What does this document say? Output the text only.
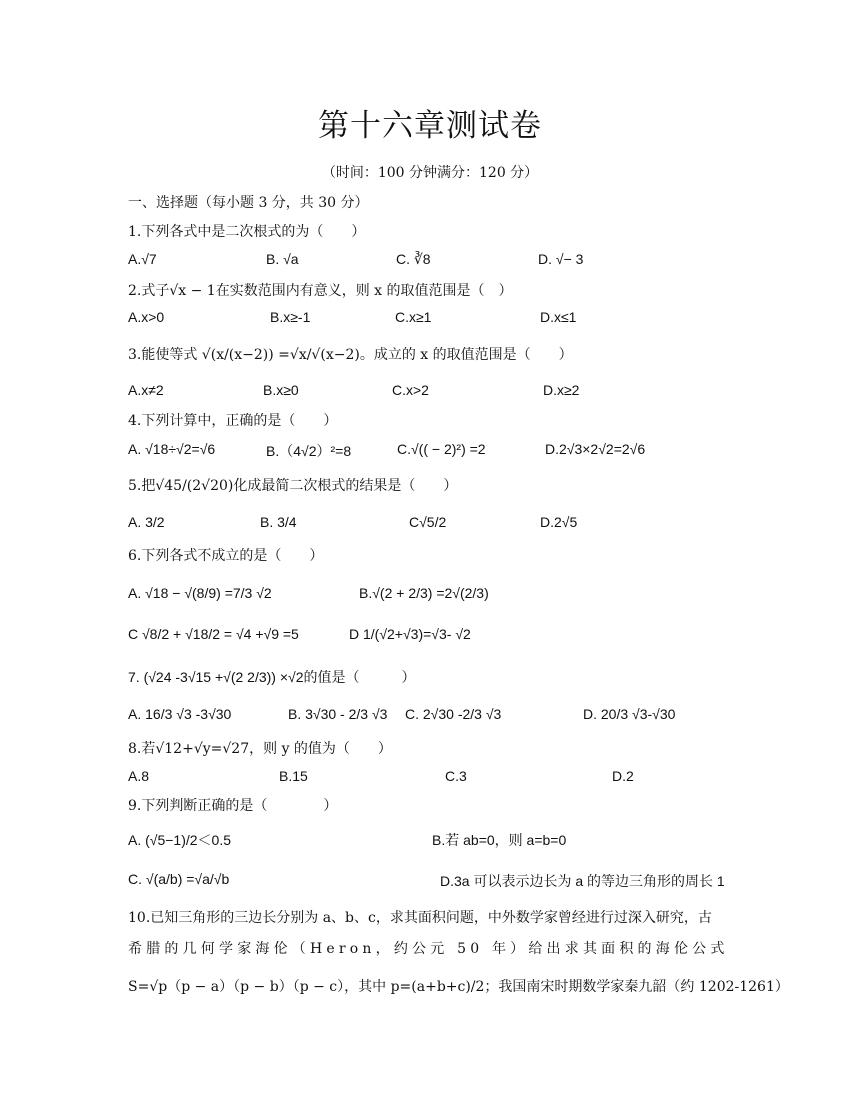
第十六章测试卷
（时间：100 分钟满分：120 分）
一、选择题（每小题 3 分，共 30 分）
1.下列各式中是二次根式的为（　　）
A.√7	B. √a	C. ∛8	D. √− 3
2.式子√x − 1在实数范围内有意义，则 x 的取值范围是（　）
A.x>0	B.x≥-1	C.x≥1	D.x≤1
3.能使等式 √(x/(x−2)) =√x/√(x−2)。成立的 x 的取值范围是（　　）
A.x≠2	B.x≥0	C.x>2	D.x≥2
4.下列计算中，正确的是（　　）
A. √18÷√2=√6	B.（4√2）²=8	C.√(( − 2)²) =2	D.2√3×2√2=2√6
5.把√45/(2√20)化成最简二次根式的结果是（　　）
A. 3/2	B. 3/4	C√5/2	D.2√5
6.下列各式不成立的是（　　）
A. √18 − √(8/9) =7/3 √2	B.√(2 + 2/3) =2√(2/3)
C √8/2 + √18/2 = √4 +√9 =5	D 1/(√2+√3)=√3- √2
7. (√24 -3√15 +√(2 2/3)) ×√2的值是（　　　）
A. 16/3 √3 -3√30	B. 3√30 - 2/3 √3 C. 2√30 -2/3 √3	D. 20/3 √3-√30
8.若√12+√y=√27，则 y 的值为（　　）
A.8	B.15	C.3	D.2
9.下列判断正确的是（　　　　）
A. (√5−1)/2＜0.5	B.若 ab=0，则 a=b=0
C. √(a/b) =√a/√b	D.3a 可以表示边长为 a 的等边三角形的周长 1
10.已知三角形的三边长分别为 a、b、c，求其面积问题，中外数学家曾经进行过深入研究，古
希腊的几何学家海伦（Heron，约公元 50 年）给出求其面积的海伦公式
S=√p（p − a）（p − b）（p − c），其中 p=(a+b+c)/2；我国南宋时期数学家秦九韶（约 1202-1261）
